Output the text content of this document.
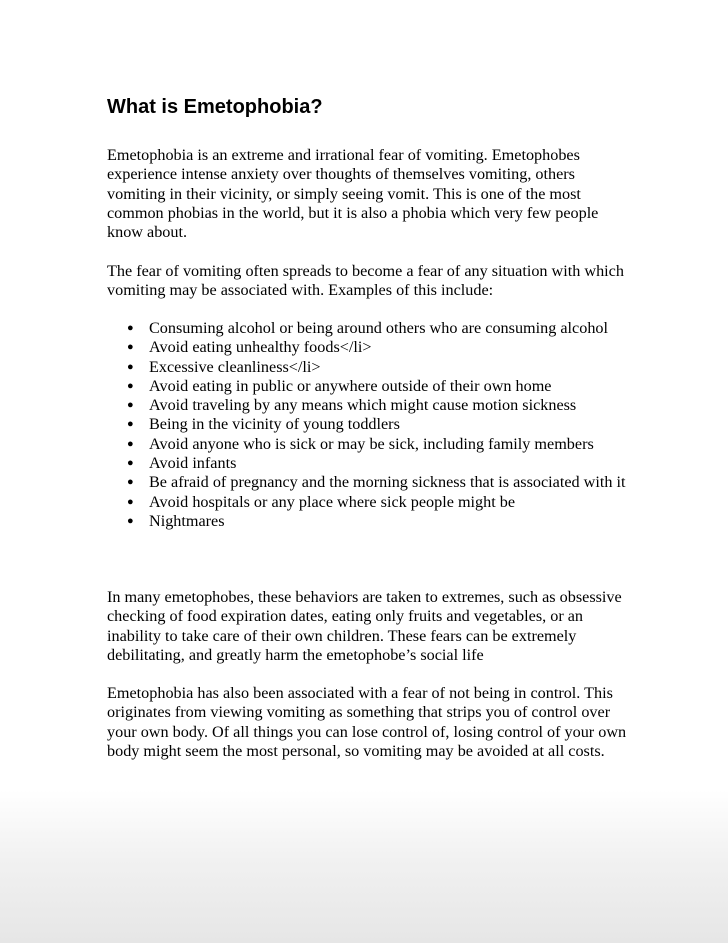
What is Emetophobia?

Emetophobia is an extreme and irrational fear of vomiting. Emetophobes experience intense anxiety over thoughts of themselves vomiting, others vomiting in their vicinity, or simply seeing vomit. This is one of the most common phobias in the world, but it is also a phobia which very few people know about.

The fear of vomiting often spreads to become a fear of any situation with which vomiting may be associated with. Examples of this include:

● Consuming alcohol or being around others who are consuming alcohol
● Avoid eating unhealthy foods</li>
● Excessive cleanliness</li>
● Avoid eating in public or anywhere outside of their own home
● Avoid traveling by any means which might cause motion sickness
● Being in the vicinity of young toddlers
● Avoid anyone who is sick or may be sick, including family members
● Avoid infants
● Be afraid of pregnancy and the morning sickness that is associated with it
● Avoid hospitals or any place where sick people might be
● Nightmares

In many emetophobes, these behaviors are taken to extremes, such as obsessive checking of food expiration dates, eating only fruits and vegetables, or an inability to take care of their own children. These fears can be extremely debilitating, and greatly harm the emetophobe’s social life

Emetophobia has also been associated with a fear of not being in control. This originates from viewing vomiting as something that strips you of control over your own body. Of all things you can lose control of, losing control of your own body might seem the most personal, so vomiting may be avoided at all costs.
